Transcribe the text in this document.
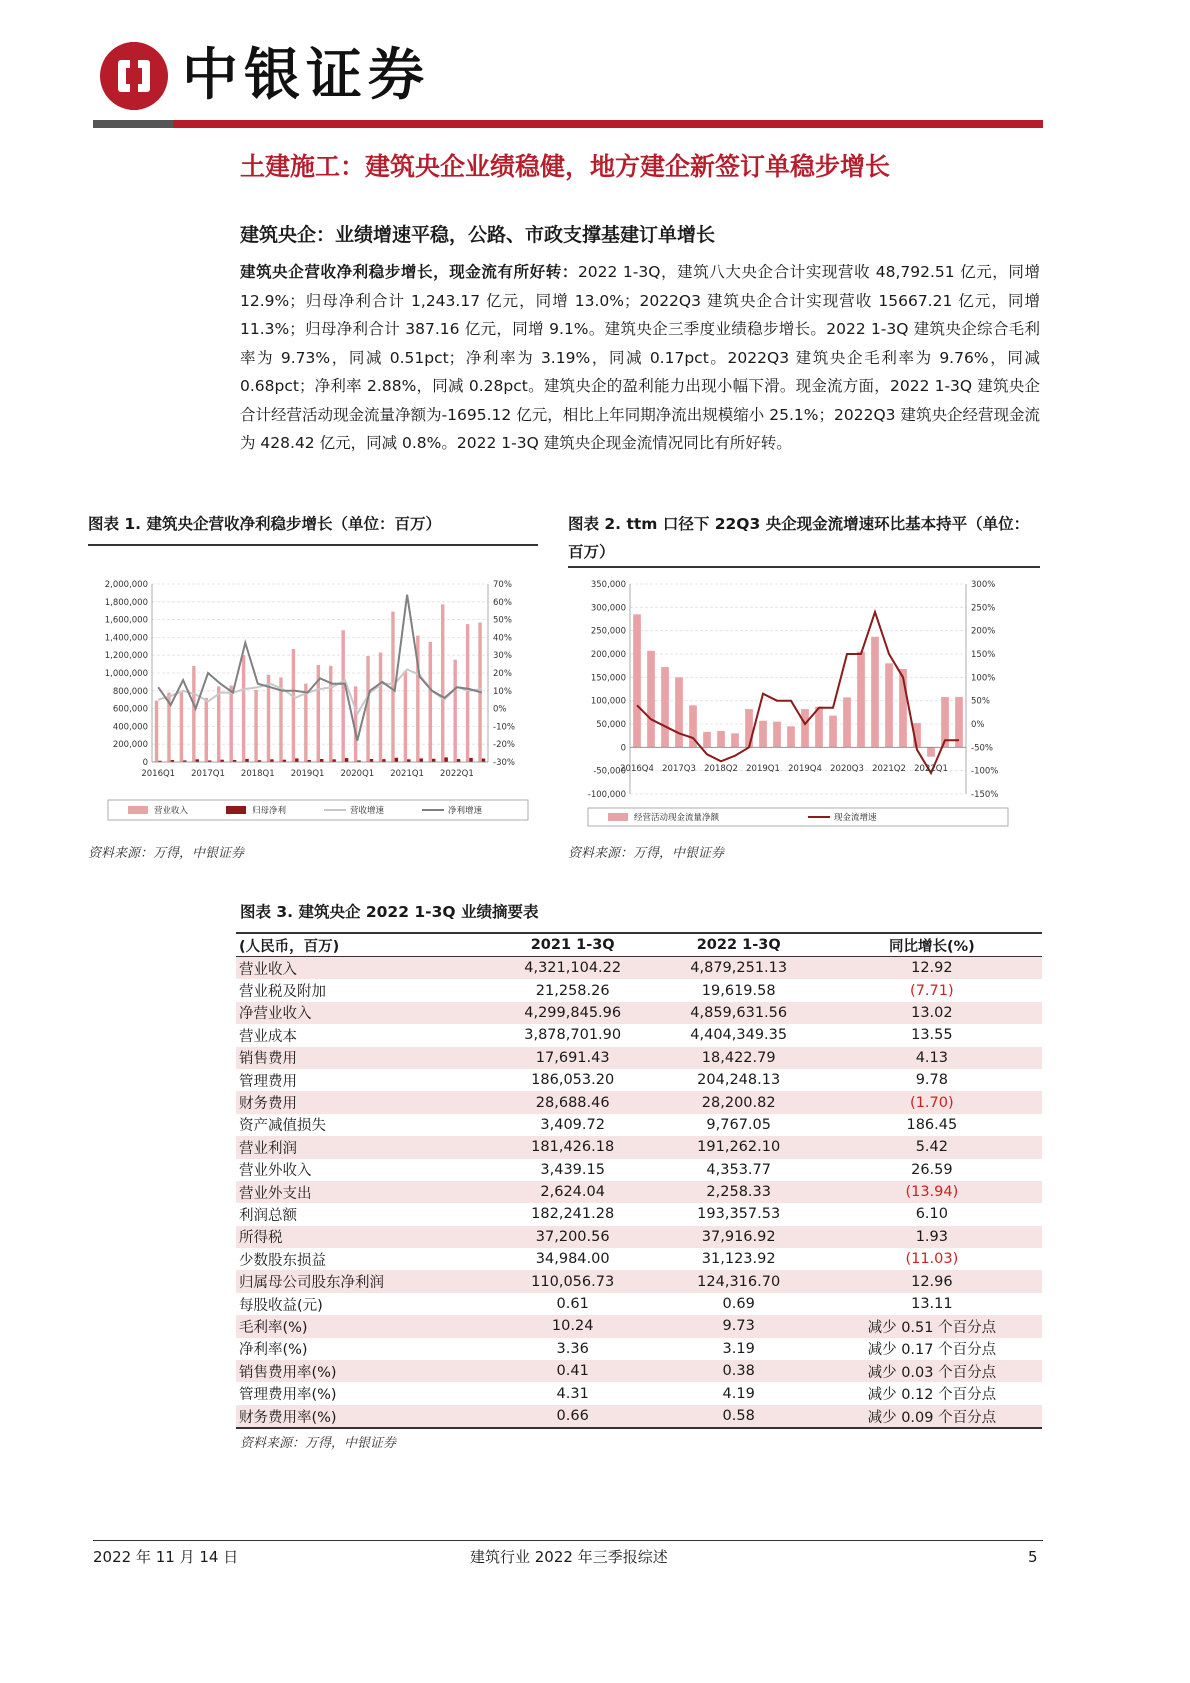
中银证券
土建施工：建筑央企业绩稳健，地方建企新签订单稳步增长
建筑央企：业绩增速平稳，公路、市政支撑基建订单增长
建筑央企营收净利稳步增长，现金流有所好转：2022 1-3Q，建筑八大央企合计实现营收 48,792.51 亿元，同增 12.9%；归母净利合计 1,243.17 亿元，同增 13.0%；2022Q3 建筑央企合计实现营收 15667.21 亿元，同增 11.3%；归母净利合计 387.16 亿元，同增 9.1%。建筑央企三季度业绩稳步增长。2022 1-3Q 建筑央企综合毛利率为 9.73%，同减 0.51pct；净利率为 3.19%，同减 0.17pct。2022Q3 建筑央企毛利率为 9.76%，同减 0.68pct；净利率 2.88%，同减 0.28pct。建筑央企的盈利能力出现小幅下滑。现金流方面，2022 1-3Q 建筑央企合计经营活动现金流量净额为-1695.12 亿元，相比上年同期净流出规模缩小 25.1%；2022Q3 建筑央企经营现金流为 428.42 亿元，同减 0.8%。2022 1-3Q 建筑央企现金流情况同比有所好转。
图表 1. 建筑央企营收净利稳步增长（单位：百万）
0
200,000
400,000
600,000
800,000
1,000,000
1,200,000
1,400,000
1,600,000
1,800,000
2,000,000
-30%
-20%
-10%
0%
10%
20%
30%
40%
50%
60%
70%
2016Q1 2017Q1 2018Q1 2019Q1 2020Q1 2021Q1 2022Q1
营业收入	归母净利	营收增速	净利增速
资料来源：万得，中银证券
图表 2. ttm 口径下 22Q3 央企现金流增速环比基本持平（单位：百万）
-100,000
-50,000
0
50,000
100,000
150,000
200,000
250,000
300,000
350,000
-150%
-100%
-50%
0%
50%
100%
150%
200%
250%
300%
2016Q4 2017Q3 2018Q2 2019Q1 2019Q4 2020Q3 2021Q2 2022Q1
经营活动现金流量净额	现金流增速
资料来源：万得，中银证券
图表 3. 建筑央企 2022 1-3Q 业绩摘要表
(人民币，百万)	2021 1-3Q	2022 1-3Q	同比增长(%)
营业收入	4,321,104.22	4,879,251.13	12.92
营业税及附加	21,258.26	19,619.58	(7.71)
净营业收入	4,299,845.96	4,859,631.56	13.02
营业成本	3,878,701.90	4,404,349.35	13.55
销售费用	17,691.43	18,422.79	4.13
管理费用	186,053.20	204,248.13	9.78
财务费用	28,688.46	28,200.82	(1.70)
资产减值损失	3,409.72	9,767.05	186.45
营业利润	181,426.18	191,262.10	5.42
营业外收入	3,439.15	4,353.77	26.59
营业外支出	2,624.04	2,258.33	(13.94)
利润总额	182,241.28	193,357.53	6.10
所得税	37,200.56	37,916.92	1.93
少数股东损益	34,984.00	31,123.92	(11.03)
归属母公司股东净利润	110,056.73	124,316.70	12.96
每股收益(元)	0.61	0.69	13.11
毛利率(%)	10.24	9.73	减少 0.51 个百分点
净利率(%)	3.36	3.19	减少 0.17 个百分点
销售费用率(%)	0.41	0.38	减少 0.03 个百分点
管理费用率(%)	4.31	4.19	减少 0.12 个百分点
财务费用率(%)	0.66	0.58	减少 0.09 个百分点
资料来源：万得，中银证券
2022 年 11 月 14 日	建筑行业 2022 年三季报综述	5
